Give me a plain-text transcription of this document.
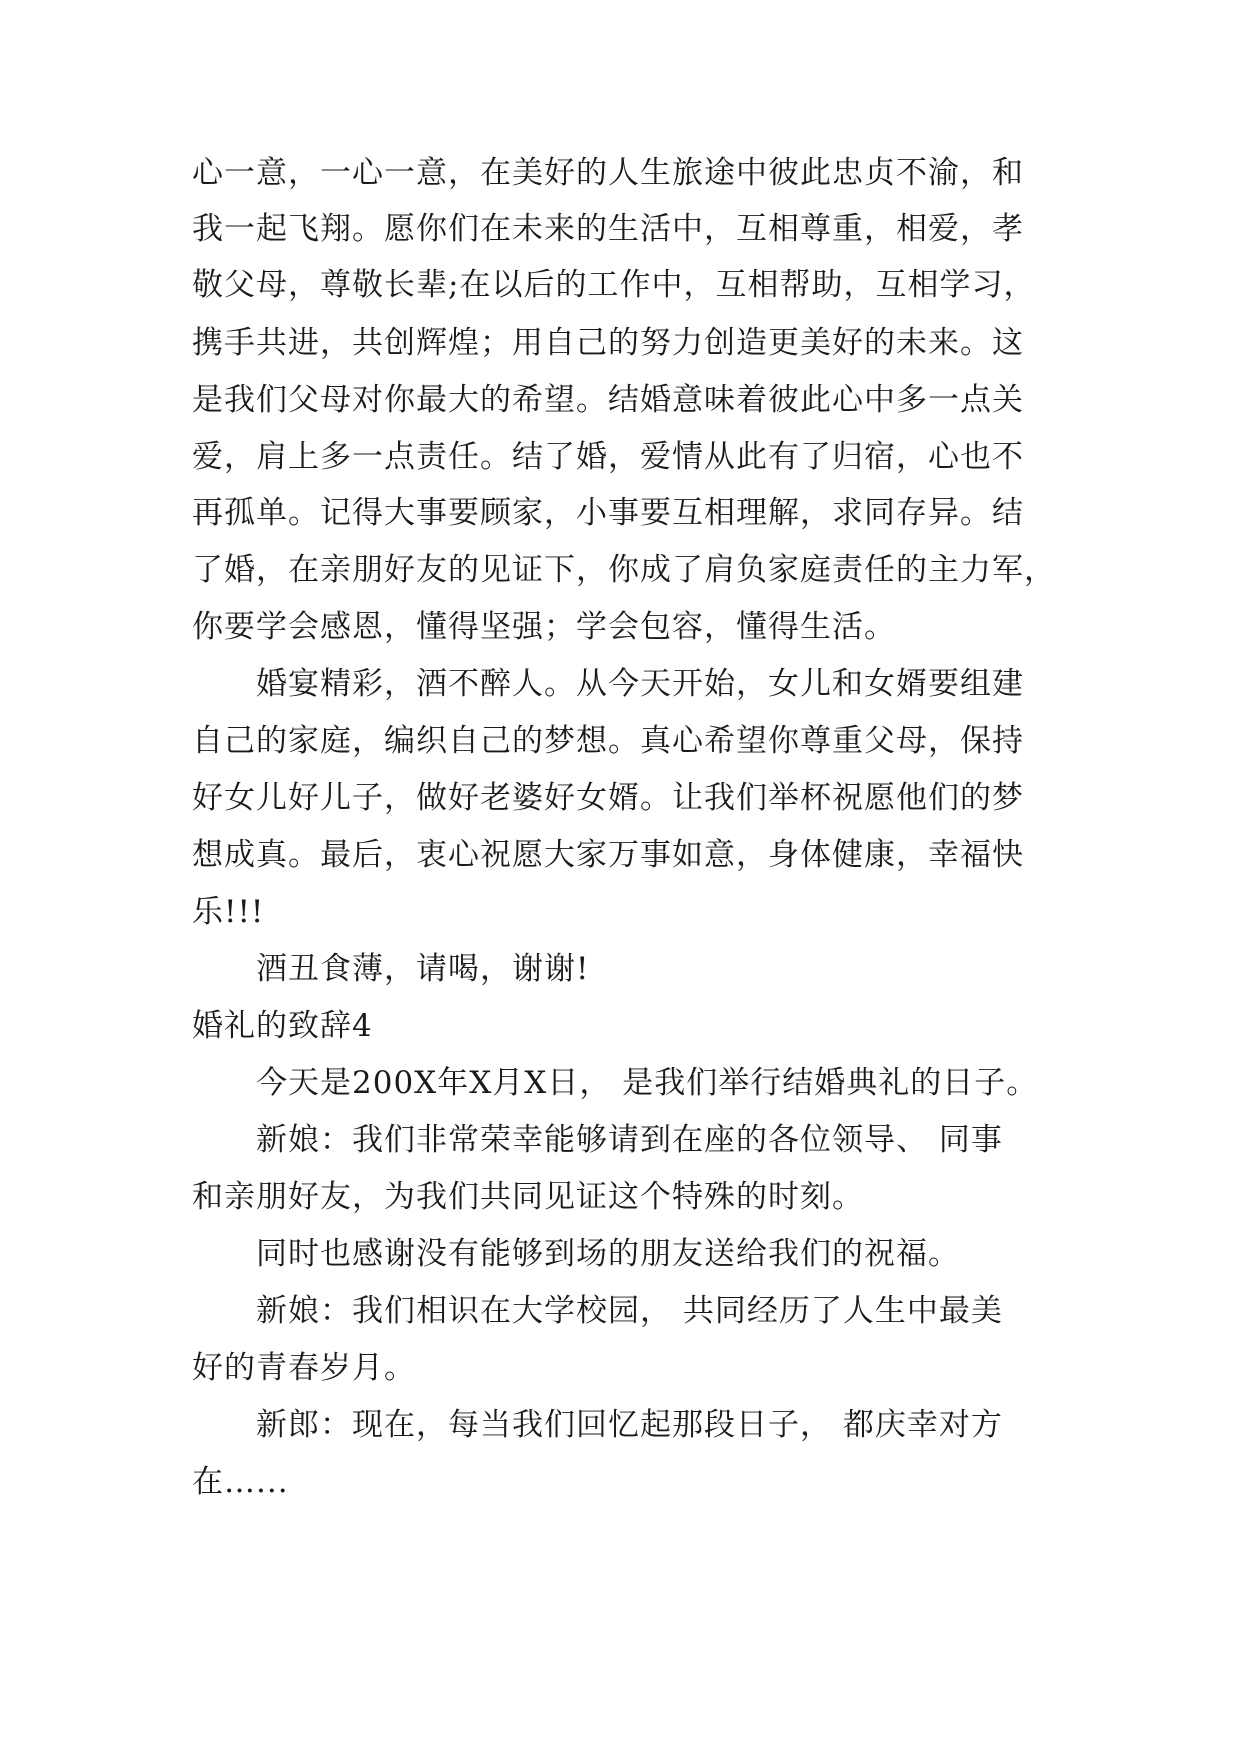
心一意，一心一意，在美好的人生旅途中彼此忠贞不渝，和

我一起飞翔。愿你们在未来的生活中，互相尊重，相爱，孝

敬父母，尊敬长辈;在以后的工作中，互相帮助，互相学习，

携手共进，共创辉煌；用自己的努力创造更美好的未来。这

是我们父母对你最大的希望。结婚意味着彼此心中多一点关

爱，肩上多一点责任。结了婚，爱情从此有了归宿，心也不

再孤单。记得大事要顾家，小事要互相理解，求同存异。结

了婚，在亲朋好友的见证下，你成了肩负家庭责任的主力军，

你要学会感恩，懂得坚强；学会包容，懂得生活。

婚宴精彩，酒不醉人。从今天开始，女儿和女婿要组建

自己的家庭，编织自己的梦想。真心希望你尊重父母，保持

好女儿好儿子，做好老婆好女婿。让我们举杯祝愿他们的梦

想成真。最后，衷心祝愿大家万事如意，身体健康，幸福快

乐!!!

酒丑食薄，请喝，谢谢!

婚礼的致辞4

今天是200X年X月X日， 是我们举行结婚典礼的日子。

新娘：我们非常荣幸能够请到在座的各位领导、 同事

和亲朋好友，为我们共同见证这个特殊的时刻。

同时也感谢没有能够到场的朋友送给我们的祝福。

新娘：我们相识在大学校园， 共同经历了人生中最美

好的青春岁月。

新郎：现在，每当我们回忆起那段日子， 都庆幸对方

在…...
